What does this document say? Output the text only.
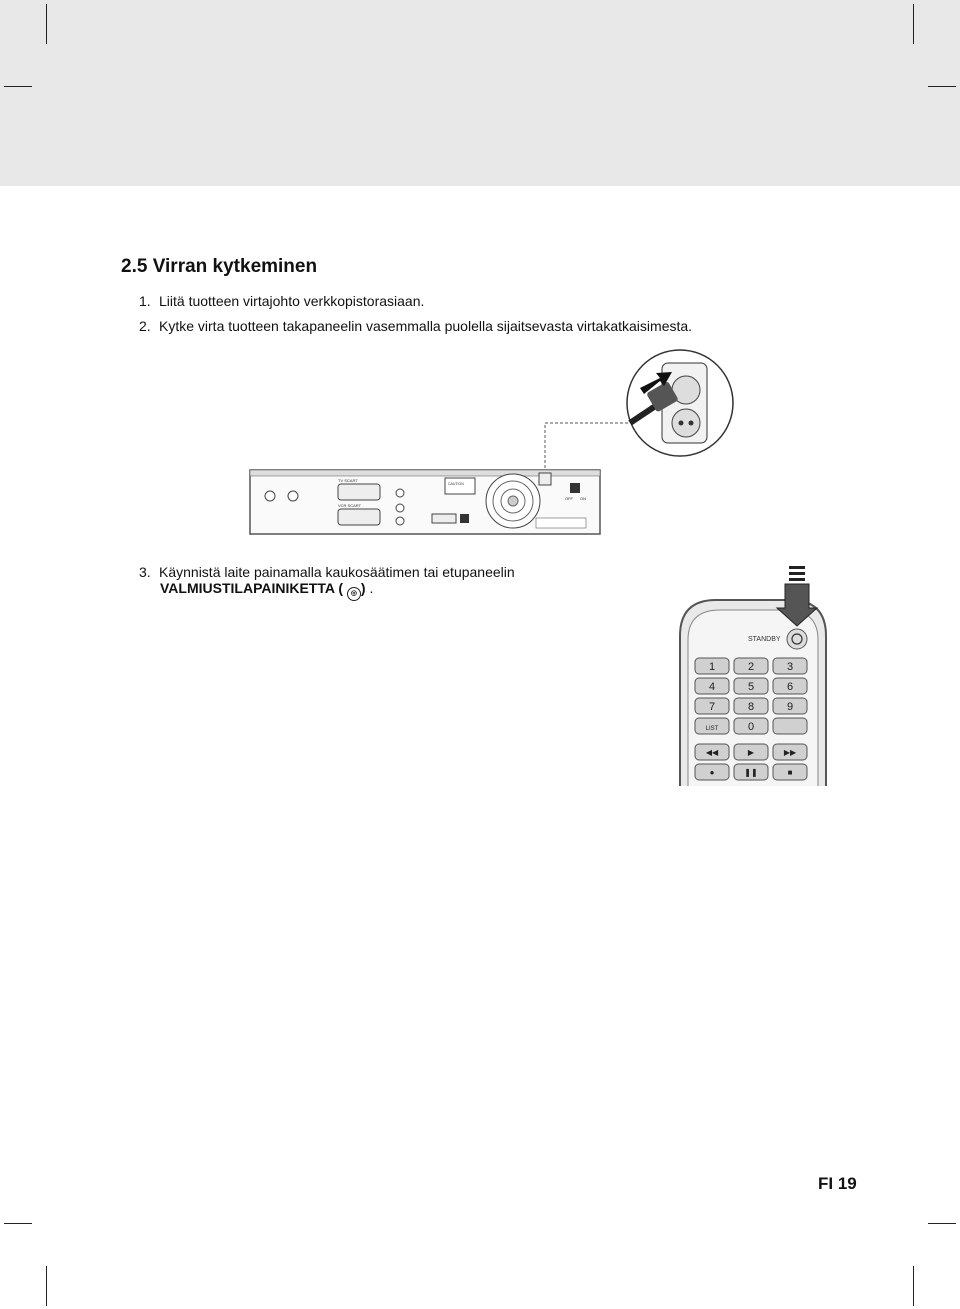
2.5 Virran kytkeminen
1. Liitä tuotteen virtajohto verkkopistorasiaan.
2. Kytke virta tuotteen takapaneelin vasemmalla puolella sijaitsevasta virtakatkaisimesta.
TV SCART
VCR SCART
CAUTION
OFF ON
3. Käynnistä laite painamalla kaukosäätimen tai etupaneelin
VALMIUSTILAPAINIKETTA ( ◎ ) .
STANDBY
1	2	3
4	5	6
7	8	9
LIST	0
◀◀	▶	▶▶
●	❚❚	■
FI 19
